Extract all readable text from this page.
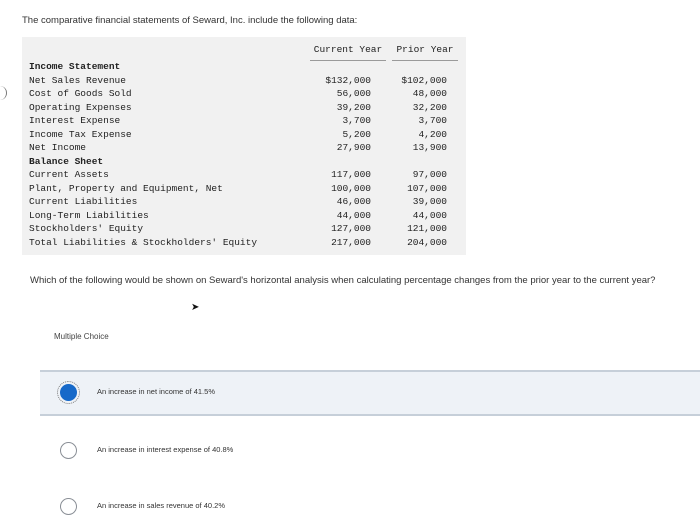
The comparative financial statements of Seward, Inc. include the following data:
Current Year	Prior Year
Income Statement
Net Sales Revenue	$132,000	$102,000
Cost of Goods Sold	56,000	48,000
Operating Expenses	39,200	32,200
Interest Expense	3,700	3,700
Income Tax Expense	5,200	4,200
Net Income	27,900	13,900
Balance Sheet
Current Assets	117,000	97,000
Plant, Property and Equipment, Net	100,000	107,000
Current Liabilities	46,000	39,000
Long-Term Liabilities	44,000	44,000
Stockholders' Equity	127,000	121,000
Total Liabilities & Stockholders' Equity	217,000	204,000
Which of the following would be shown on Seward's horizontal analysis when calculating percentage changes from the prior year to the current year?
➤
Multiple Choice
An increase in net income of 41.5%
An increase in interest expense of 40.8%
An increase in sales revenue of 40.2%
